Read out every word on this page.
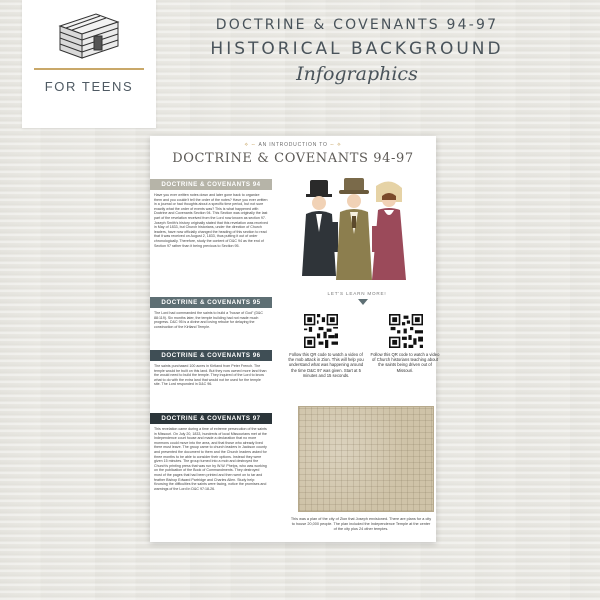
FOR TEENS
DOCTRINE & COVENANTS 94-97
HISTORICAL BACKGROUND
Infographics
⟡ ∼ AN INTRODUCTION TO ∼ ⟡
DOCTRINE & COVENANTS 94-97
DOCTRINE & COVENANTS 94
Have you ever written notes down and later gone back to organize them and you couldn't tell the order of the notes? Have you ever written in a journal or had thoughts about a specific time period, but not sure exactly what the order of events was? This is what happened with Doctrine and Covenants Section 94. This Section was originally the last part of the revelation received from the Lord now known as section 97. Joseph Smith's history originally stated that this revelation was received in May of 1833, but Church historians, under the direction of Church leaders, have now officially changed the heading of this section to read that it was received on August 2, 1833, thus putting it out of order chronologically. Therefore, study the content of D&C 94 as the end of Section 97 rather than it being previous to Section 95.
DOCTRINE & COVENANTS 95
The Lord had commanded the saints to build a "house of God" (D&C 88:119). Six months later, the temple building had not made much progress. D&C 95 is a divine and loving rebuke for delaying the construction of the Kirtland Temple.
DOCTRINE & COVENANTS 96
The saints purchased 100 acres in Kirtland from Peter French. The temple would be built on this land. But they now owned more land than the would need to build the temple. They inquired of the Lord to know what to do with the extra land that would not be used for the temple site. The Lord responded in D&C 96.
DOCTRINE & COVENANTS 97
This revelation came during a time of extreme persecution of the saints in Missouri. On July 20, 1833, hundreds of local Missourians met at the Independence court house and made a declaration that no more mormons could move into the area, and that those who already lived there must leave. The group came to church leaders in Jackson county and presented the document to them and the Church leaders asked for three months to be able to consider their options. Instead they were given 15 minutes. The group turned into a mob and destroyed the Church's printing press that was run by W.W. Phelps, who was working on the publication of the Book of Commandments. They destroyed most of the pages that had been printed and then went on to tar and feather Bishop Edward Partridge and Charles Allen. Study help: Knowing the difficulties the saints were facing, notice the promises and warnings of the Lord in D&C 97:18-26.
LET'S LEARN MORE!
Follow this QR code to watch a video of the mob attack in Zion. This will help you understand what was happening around the time D&C 97 was given. Start at 5 minutes and 15 seconds.
Follow this QR code to watch a video of Church historians teaching about the saints being driven out of Missouri.
This was a plan of the city of Zion that Joseph envisioned. There are plans for a city to house 20,000 people. The plan included the Independence Temple at the center of the city plus 24 other temples.
